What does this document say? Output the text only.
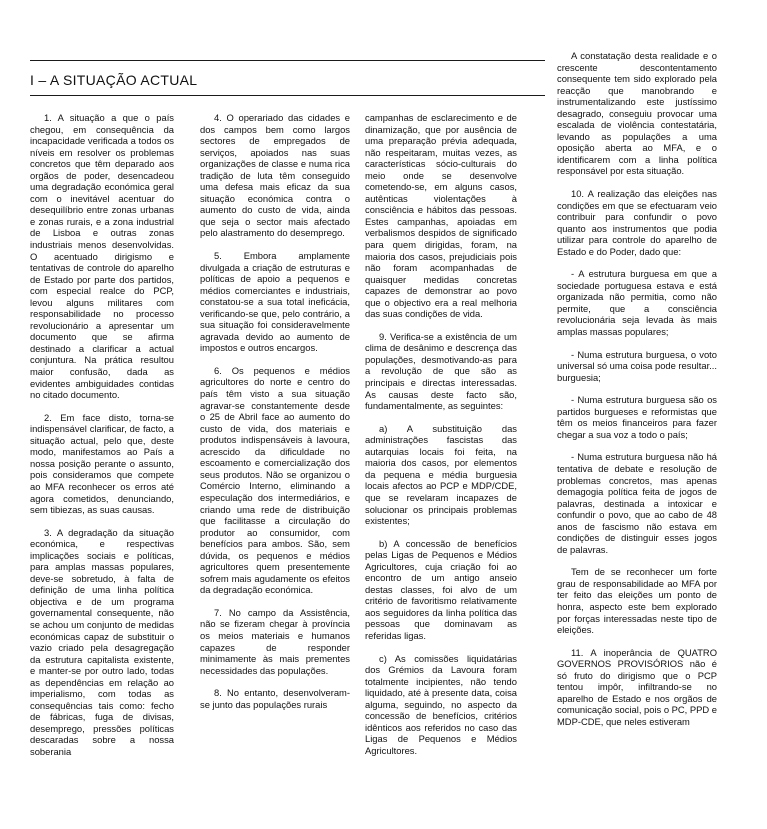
I – A SITUAÇÃO ACTUAL

1. A situação a que o país chegou, em consequência da incapacidade verificada a todos os níveis em resolver os problemas concretos que têm deparado aos orgãos de poder, desencadeou uma degradação económica geral com o inevitável acentuar do desequilíbrio entre zonas urbanas e zonas rurais, e a zona industrial de Lisboa e outras zonas industriais menos desenvolvidas. O acentuado dirigismo e tentativas de controle do aparelho de Estado por parte dos partidos, com especial realce do PCP, levou alguns militares com responsabilidade no processo revolucionário a apresentar um documento que se afirma destinado a clarificar a actual conjuntura. Na prática resultou maior confusão, dada as evidentes ambiguidades contidas no citado documento.

2. Em face disto, torna-se indispensável clarificar, de facto, a situação actual, pelo que, deste modo, manifestamos ao País a nossa posição perante o assunto, pois consideramos que compete ao MFA reconhecer os erros até agora cometidos, denunciando, sem tibiezas, as suas causas.

3. A degradação da situação económica, e respectivas implicações sociais e políticas, para amplas massas populares, deve-se sobretudo, à falta de definição de uma linha política objectiva e de um programa governamental consequente, não se achou um conjunto de medidas económicas capaz de substituir o vazio criado pela desagregação da estrutura capitalista existente, e manter-se por outro lado, todas as dependências em relação ao imperialismo, com todas as consequências tais como: fecho de fábricas, fuga de divisas, desemprego, pressões políticas descaradas sobre a nossa soberania

4. O operariado das cidades e dos campos bem como largos sectores de empregados de serviços, apoiados nas suas organizações de classe e numa rica tradição de luta têm conseguido uma defesa mais eficaz da sua situação económica contra o aumento do custo de vida, ainda que seja o sector mais afectado pelo alastramento do desemprego.

5. Embora amplamente divulgada a criação de estruturas e políticas de apoio a pequenos e médios comerciantes e industriais, constatou-se a sua total ineficácia, verificando-se que, pelo contrário, a sua situação foi consideravelmente agravada devido ao aumento de impostos e outros encargos.

6. Os pequenos e médios agricultores do norte e centro do país têm visto a sua situação agravar-se constantemente desde o 25 de Abril face ao aumento do custo de vida, dos materiais e produtos indispensáveis à lavoura, acrescido da dificuldade no escoamento e comercialização dos seus produtos. Não se organizou o Comércio Interno, eliminando a especulação dos intermediários, e criando uma rede de distribuição que facilitasse a circulação do produtor ao consumidor, com benefícios para ambos. São, sem dúvida, os pequenos e médios agricultores quem presentemente sofrem mais agudamente os efeitos da degradação económica.

7. No campo da Assistência, não se fizeram chegar à província os meios materiais e humanos capazes de responder minimamente às mais prementes necessidades das populações.

8. No entanto, desenvolveram-se junto das populações rurais

campanhas de esclarecimento e de dinamização, que por ausência de uma preparação prévia adequada, não respeitaram, muitas vezes, as características sócio-culturais do meio onde se desenvolve cometendo-se, em alguns casos, autênticas violentações à consciência e hábitos das pessoas. Estes campanhas, apoiadas em verbalismos despidos de significado para quem dirigidas, foram, na maioria dos casos, prejudiciais pois não foram acompanhadas de quaisquer medidas concretas capazes de demonstrar ao povo que o objectivo era a real melhoria das suas condições de vida.

9. Verifica-se a existência de um clima de desânimo e descrença das populações, desmotivando-as para a revolução de que são as principais e directas interessadas. As causas deste facto são, fundamentalmente, as seguintes:

a) A substituição das administrações fascistas das autarquias locais foi feita, na maioria dos casos, por elementos da pequena e média burguesia locais afectos ao PCP e MDP/CDE, que se revelaram incapazes de solucionar os principais problemas existentes;

b) A concessão de benefícios pelas Ligas de Pequenos e Médios Agricultores, cuja criação foi ao encontro de um antigo anseio destas classes, foi alvo de um critério de favoritismo relativamente aos seguidores da linha política das pessoas que dominavam as referidas ligas.

c) As comissões liquidatárias dos Grémios da Lavoura foram totalmente incipientes, não tendo liquidado, até à presente data, coisa alguma, seguindo, no aspecto da concessão de benefícios, critérios idênticos aos referidos no caso das Ligas de Pequenos e Médios Agricultores.

A constatação desta realidade e o crescente descontentamento consequente tem sido explorado pela reacção que manobrando e instrumentalizando este justíssimo desagrado, conseguiu provocar uma escalada de violência contestatária, levando as populações a uma oposição aberta ao MFA, e o identificarem com a linha política responsável por esta situação.

10. A realização das eleições nas condições em que se efectuaram veio contribuir para confundir o povo quanto aos instrumentos que podia utilizar para controle do aparelho de Estado e do Poder, dado que:

- A estrutura burguesa em que a sociedade portuguesa estava e está organizada não permitia, como não permite, que a consciência revolucionária seja levada às mais amplas massas populares;

- Numa estrutura burguesa, o voto universal só uma coisa pode resultar... burguesia;

- Numa estrutura burguesa são os partidos burgueses e reformistas que têm os meios financeiros para fazer chegar a sua voz a todo o país;

- Numa estrutura burguesa não há tentativa de debate e resolução de problemas concretos, mas apenas demagogia política feita de jogos de palavras, destinada a intoxicar e confundir o povo, que ao cabo de 48 anos de fascismo não estava em condições de distinguir esses jogos de palavras.

Tem de se reconhecer um forte grau de responsabilidade ao MFA por ter feito das eleições um ponto de honra, aspecto este bem explorado por forças interessadas neste tipo de eleições.

11. A inoperância de QUATRO GOVERNOS PROVISÓRIOS não é só fruto do dirigismo que o PCP tentou impôr, infiltrando-se no aparelho de Estado e nos orgãos de comunicação social, pois o PC, PPD e MDP-CDE, que neles estiveram
